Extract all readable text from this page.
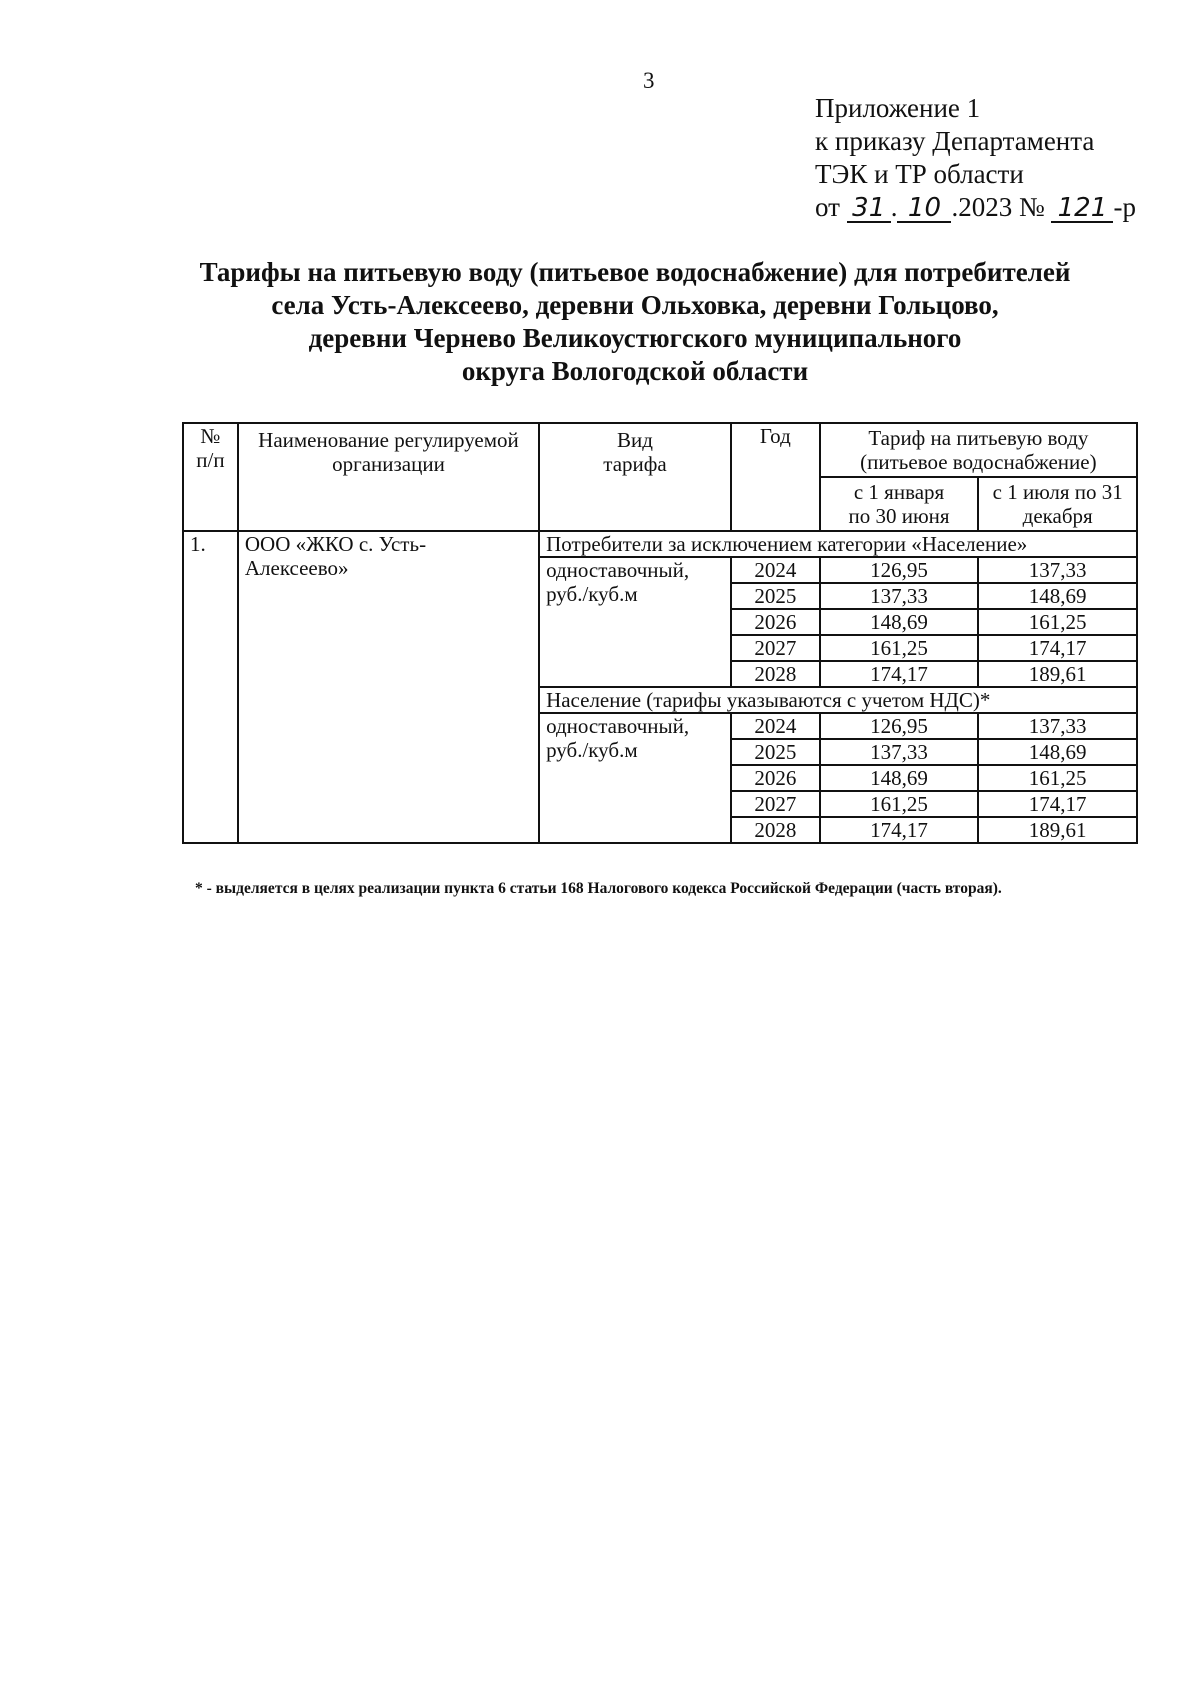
3
Приложение 1
к приказу Департамента
ТЭК и ТР области
от 31 . 10 .2023 № 121 -р
Тарифы на питьевую воду (питьевое водоснабжение) для потребителей
села Усть-Алексеево, деревни Ольховка, деревни Гольцово,
деревни Чернево Великоустюгского муниципального
округа Вологодской области
№ п/п	Наименование регулируемой организации	Вид тарифа	Год	Тариф на питьевую воду (питьевое водоснабжение)	
				с 1 января по 30 июня	с 1 июля по 31 декабря
1.	ООО «ЖКО с. Усть-Алексеево»	Потребители за исключением категории «Население»			
		одноставочный, руб./куб.м	2024	126,95	137,33
			2025	137,33	148,69
			2026	148,69	161,25
			2027	161,25	174,17
			2028	174,17	189,61
		Население (тарифы указываются с учетом НДС)*			
		одноставочный, руб./куб.м	2024	126,95	137,33
			2025	137,33	148,69
			2026	148,69	161,25
			2027	161,25	174,17
			2028	174,17	189,61
* - выделяется в целях реализации пункта 6 статьи 168 Налогового кодекса Российской Федерации (часть вторая).
